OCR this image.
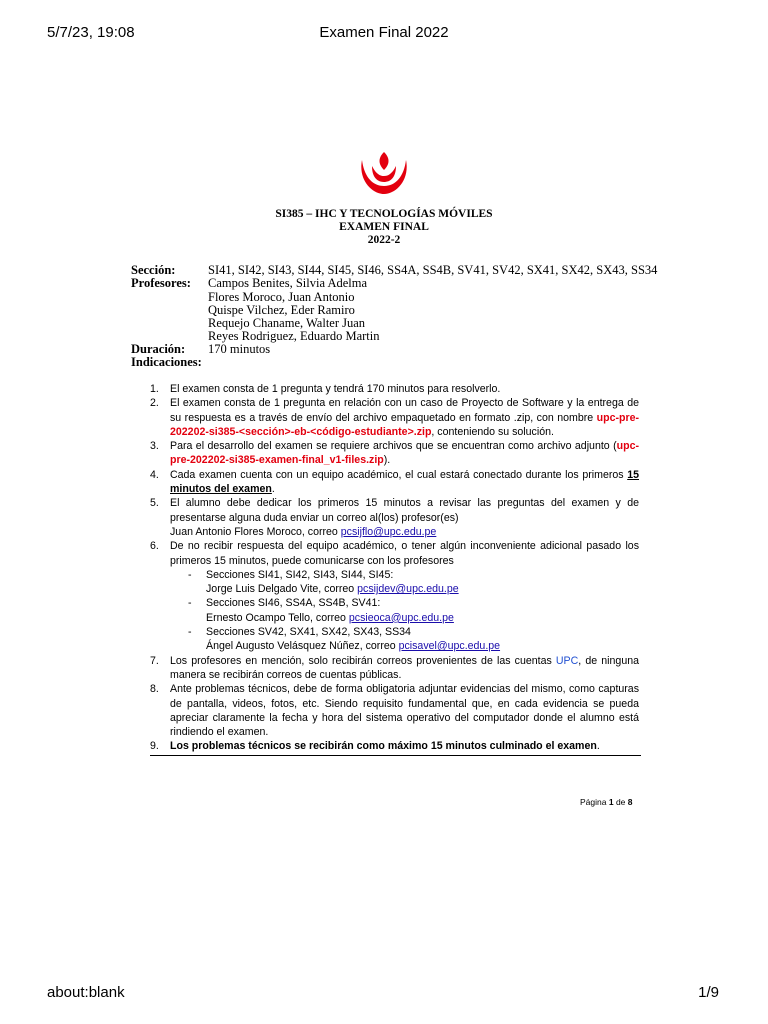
5/7/23, 19:08	Examen Final 2022
SI385 – IHC Y TECNOLOGÍAS MÓVILES
EXAMEN FINAL
2022-2
Sección:	SI41, SI42, SI43, SI44, SI45, SI46, SS4A, SS4B, SV41, SV42, SX41, SX42, SX43, SS34
Profesores: Campos Benites, Silvia Adelma
Flores Moroco, Juan Antonio
Quispe Vilchez, Eder Ramiro
Requejo Chaname, Walter Juan
Reyes Rodriguez, Eduardo Martin
Duración: 170 minutos
Indicaciones:
1. El examen consta de 1 pregunta y tendrá 170 minutos para resolverlo.
2. El examen consta de 1 pregunta en relación con un caso de Proyecto de Software y la entrega de su respuesta es a través de envío del archivo empaquetado en formato .zip, con nombre upc-pre-202202-si385-<sección>-eb-<código-estudiante>.zip, conteniendo su solución.
3. Para el desarrollo del examen se requiere archivos que se encuentran como archivo adjunto (upc-pre-202202-si385-examen-final_v1-files.zip).
4. Cada examen cuenta con un equipo académico, el cual estará conectado durante los primeros 15 minutos del examen.
5. El alumno debe dedicar los primeros 15 minutos a revisar las preguntas del examen y de presentarse alguna duda enviar un correo al(los) profesor(es)
Juan Antonio Flores Moroco, correo pcsijflo@upc.edu.pe
6. De no recibir respuesta del equipo académico, o tener algún inconveniente adicional pasado los primeros 15 minutos, puede comunicarse con los profesores
- Secciones SI41, SI42, SI43, SI44, SI45:
Jorge Luis Delgado Vite, correo pcsijdev@upc.edu.pe
- Secciones SI46, SS4A, SS4B, SV41:
Ernesto Ocampo Tello, correo pcsieoca@upc.edu.pe
- Secciones SV42, SX41, SX42, SX43, SS34
Ángel Augusto Velásquez Núñez, correo pcisavel@upc.edu.pe
7. Los profesores en mención, solo recibirán correos provenientes de las cuentas UPC, de ninguna manera se recibirán correos de cuentas públicas.
8. Ante problemas técnicos, debe de forma obligatoria adjuntar evidencias del mismo, como capturas de pantalla, videos, fotos, etc. Siendo requisito fundamental que, en cada evidencia se pueda apreciar claramente la fecha y hora del sistema operativo del computador donde el alumno está rindiendo el examen.
9. Los problemas técnicos se recibirán como máximo 15 minutos culminado el examen.
Página 1 de 8
about:blank	1/9
